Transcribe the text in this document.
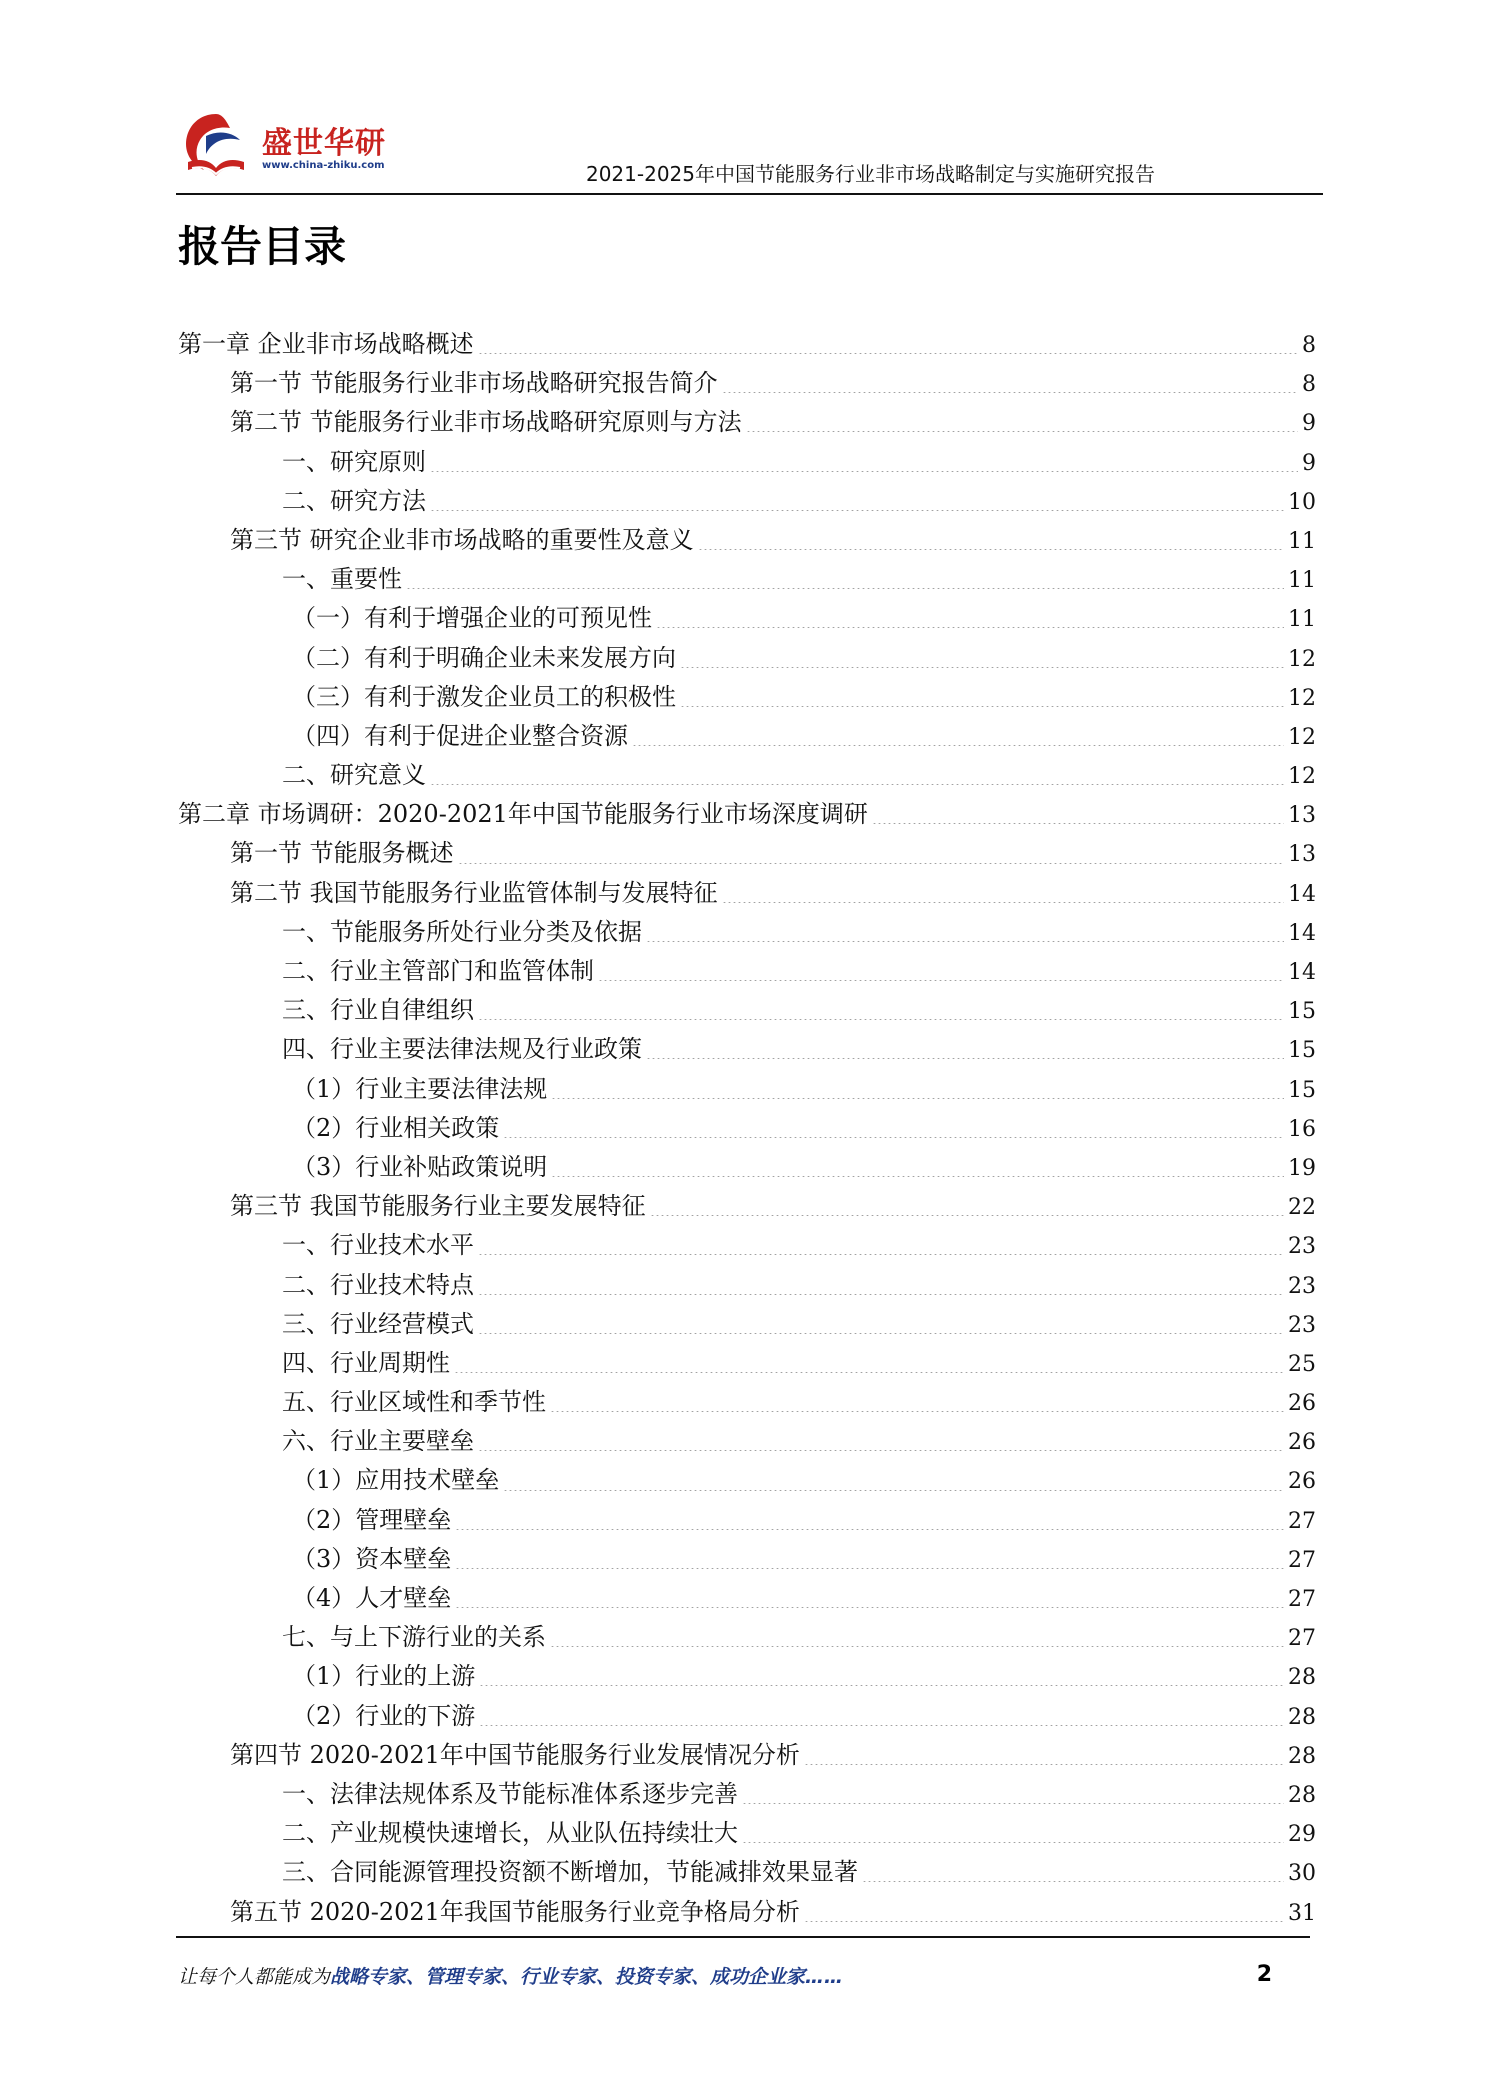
盛世华研
www.china-zhiku.com	2021-2025年中国节能服务行业非市场战略制定与实施研究报告
报告目录
第一章 企业非市场战略概述	8
第一节 节能服务行业非市场战略研究报告简介	8
第二节 节能服务行业非市场战略研究原则与方法	9
一、研究原则	9
二、研究方法	10
第三节 研究企业非市场战略的重要性及意义	11
一、重要性	11
（一）有利于增强企业的可预见性	11
（二）有利于明确企业未来发展方向	12
（三）有利于激发企业员工的积极性	12
（四）有利于促进企业整合资源	12
二、研究意义	12
第二章 市场调研：2020-2021年中国节能服务行业市场深度调研	13
第一节 节能服务概述	13
第二节 我国节能服务行业监管体制与发展特征	14
一、节能服务所处行业分类及依据	14
二、行业主管部门和监管体制	14
三、行业自律组织	15
四、行业主要法律法规及行业政策	15
（1）行业主要法律法规	15
（2）行业相关政策	16
（3）行业补贴政策说明	19
第三节 我国节能服务行业主要发展特征	22
一、行业技术水平	23
二、行业技术特点	23
三、行业经营模式	23
四、行业周期性	25
五、行业区域性和季节性	26
六、行业主要壁垒	26
（1）应用技术壁垒	26
（2）管理壁垒	27
（3）资本壁垒	27
（4）人才壁垒	27
七、与上下游行业的关系	27
（1）行业的上游	28
（2）行业的下游	28
第四节 2020-2021年中国节能服务行业发展情况分析	28
一、法律法规体系及节能标准体系逐步完善	28
二、产业规模快速增长，从业队伍持续壮大	29
三、合同能源管理投资额不断增加，节能减排效果显著	30
第五节 2020-2021年我国节能服务行业竞争格局分析	31
让每个人都能成为战略专家、管理专家、行业专家、投资专家、成功企业家……	2
